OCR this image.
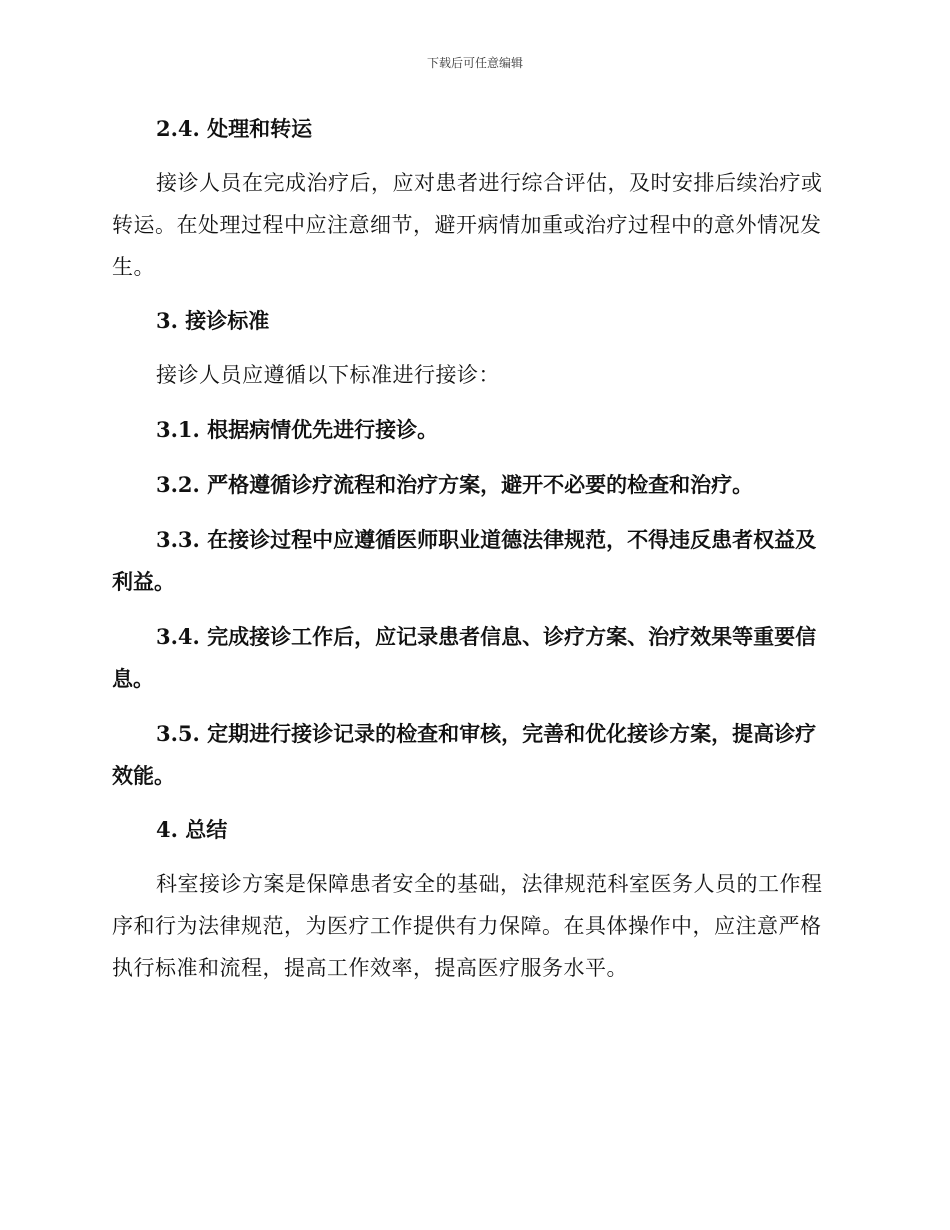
下载后可任意编辑

2.4. 处理和转运

接诊人员在完成治疗后，应对患者进行综合评估，及时安排后续治疗或转运。在处理过程中应注意细节，避开病情加重或治疗过程中的意外情况发生。

3. 接诊标准

接诊人员应遵循以下标准进行接诊：

3.1. 根据病情优先进行接诊。

3.2. 严格遵循诊疗流程和治疗方案，避开不必要的检查和治疗。

3.3. 在接诊过程中应遵循医师职业道德法律规范，不得违反患者权益及利益。

3.4. 完成接诊工作后，应记录患者信息、诊疗方案、治疗效果等重要信息。

3.5. 定期进行接诊记录的检查和审核，完善和优化接诊方案，提高诊疗效能。

4. 总结

科室接诊方案是保障患者安全的基础，法律规范科室医务人员的工作程序和行为法律规范，为医疗工作提供有力保障。在具体操作中，应注意严格执行标准和流程，提高工作效率，提高医疗服务水平。
